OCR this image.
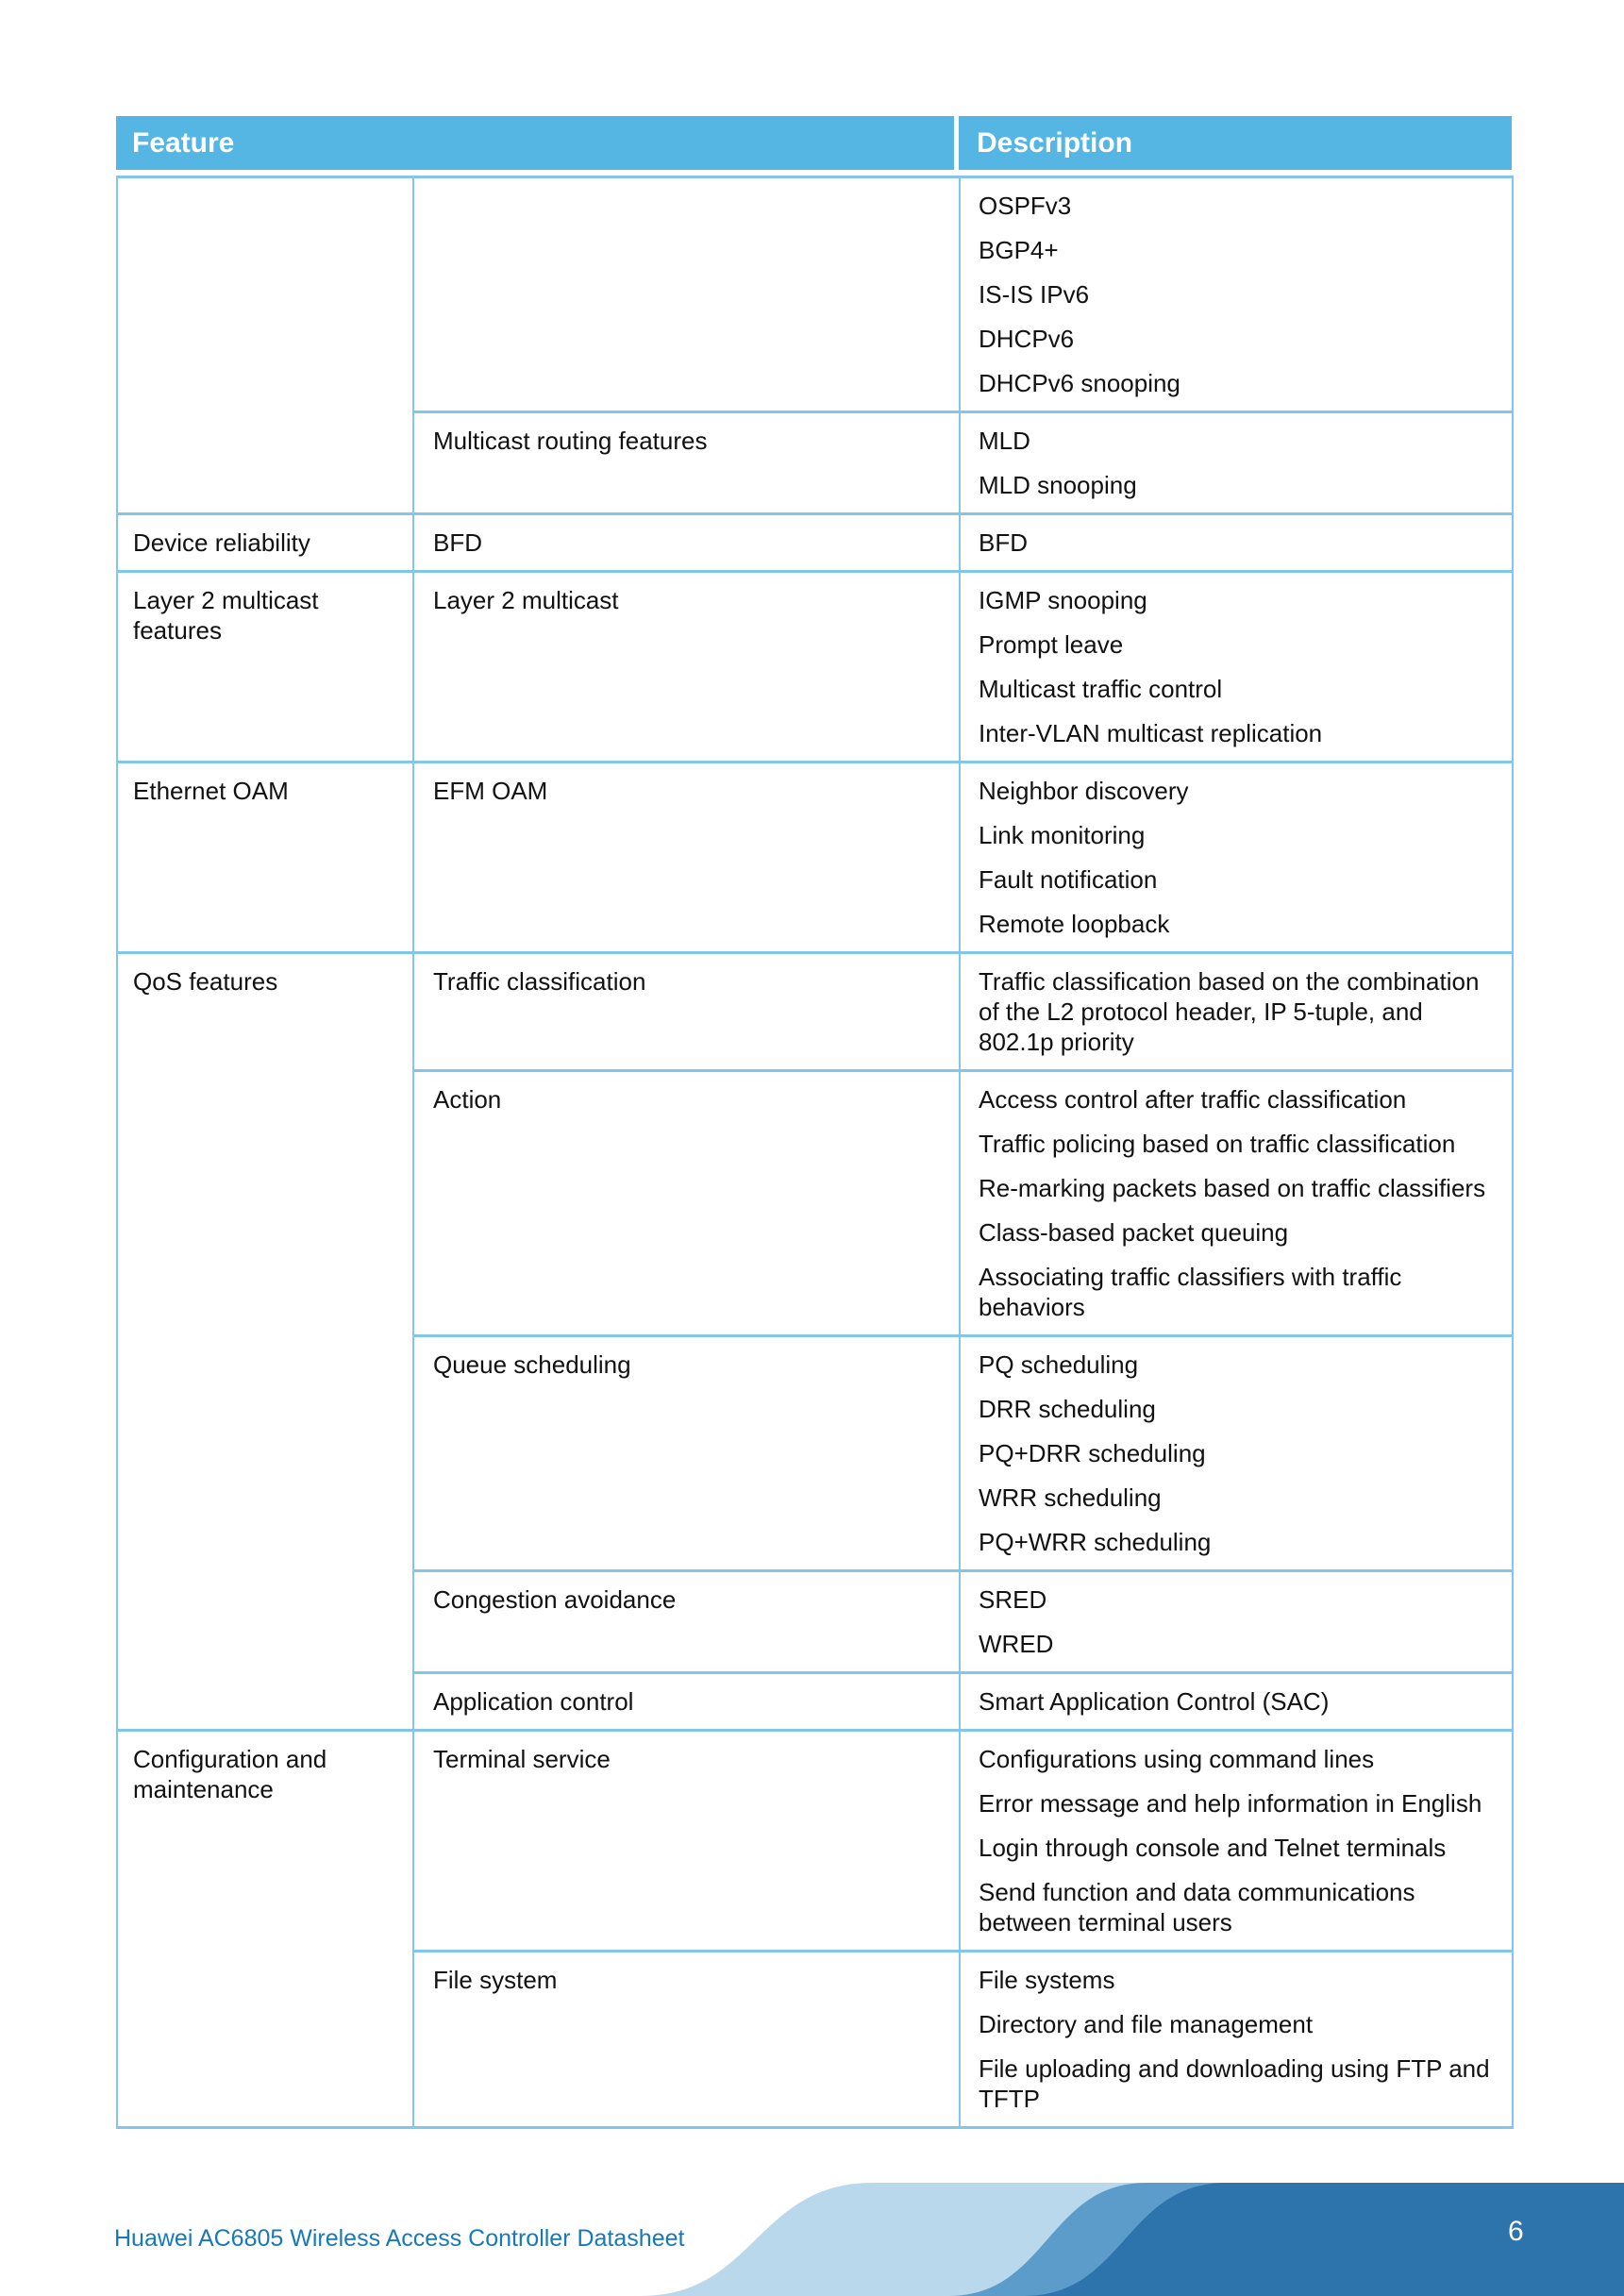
Feature	Description

		OSPFv3

BGP4+

IS-IS IPv6

DHCPv6

DHCPv6 snooping

	Multicast routing features	MLD

MLD snooping

Device reliability	BFD	BFD

Layer 2 multicast features	Layer 2 multicast	IGMP snooping

Prompt leave

Multicast traffic control

Inter-VLAN multicast replication

Ethernet OAM	EFM OAM	Neighbor discovery

Link monitoring

Fault notification

Remote loopback

QoS features	Traffic classification	Traffic classification based on the combination of the L2 protocol header, IP 5-tuple, and 802.1p priority

	Action	Access control after traffic classification

Traffic policing based on traffic classification

Re-marking packets based on traffic classifiers

Class-based packet queuing

Associating traffic classifiers with traffic behaviors

	Queue scheduling	PQ scheduling

DRR scheduling

PQ+DRR scheduling

WRR scheduling

PQ+WRR scheduling

	Congestion avoidance	SRED

WRED

	Application control	Smart Application Control (SAC)

Configuration and maintenance	Terminal service	Configurations using command lines

Error message and help information in English

Login through console and Telnet terminals

Send function and data communications between terminal users

	File system	File systems

Directory and file management

File uploading and downloading using FTP and TFTP

Huawei AC6805 Wireless Access Controller Datasheet	6
